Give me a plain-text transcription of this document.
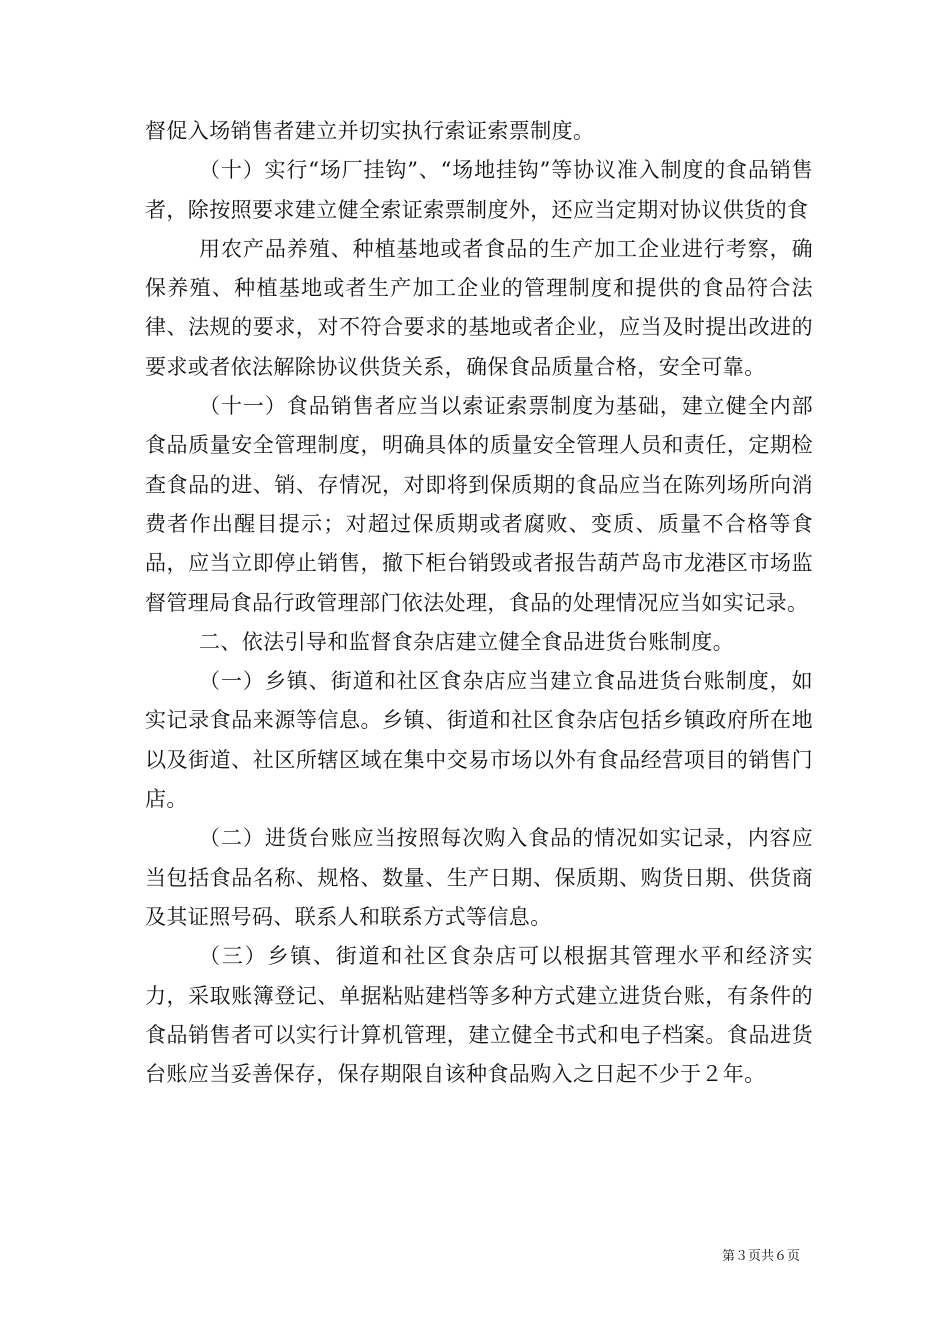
督促入场销售者建立并切实执行索证索票制度。

（十）实行“场厂挂钩”、“场地挂钩”等协议准入制度的食品销售者，除按照要求建立健全索证索票制度外，还应当定期对协议供货的食

用农产品养殖、种植基地或者食品的生产加工企业进行考察，确保养殖、种植基地或者生产加工企业的管理制度和提供的食品符合法律、法规的要求，对不符合要求的基地或者企业，应当及时提出改进的要求或者依法解除协议供货关系，确保食品质量合格，安全可靠。

（十一）食品销售者应当以索证索票制度为基础，建立健全内部食品质量安全管理制度，明确具体的质量安全管理人员和责任，定期检查食品的进、销、存情况，对即将到保质期的食品应当在陈列场所向消费者作出醒目提示；对超过保质期或者腐败、变质、质量不合格等食品，应当立即停止销售，撤下柜台销毁或者报告葫芦岛市龙港区市场监督管理局食品行政管理部门依法处理，食品的处理情况应当如实记录。

二、依法引导和监督食杂店建立健全食品进货台账制度。

（一）乡镇、街道和社区食杂店应当建立食品进货台账制度，如实记录食品来源等信息。乡镇、街道和社区食杂店包括乡镇政府所在地以及街道、社区所辖区域在集中交易市场以外有食品经营项目的销售门店。

（二）进货台账应当按照每次购入食品的情况如实记录，内容应当包括食品名称、规格、数量、生产日期、保质期、购货日期、供货商及其证照号码、联系人和联系方式等信息。

（三）乡镇、街道和社区食杂店可以根据其管理水平和经济实力，采取账簿登记、单据粘贴建档等多种方式建立进货台账，有条件的食品销售者可以实行计算机管理，建立健全书式和电子档案。食品进货台账应当妥善保存，保存期限自该种食品购入之日起不少于２年。

第３页共６页
